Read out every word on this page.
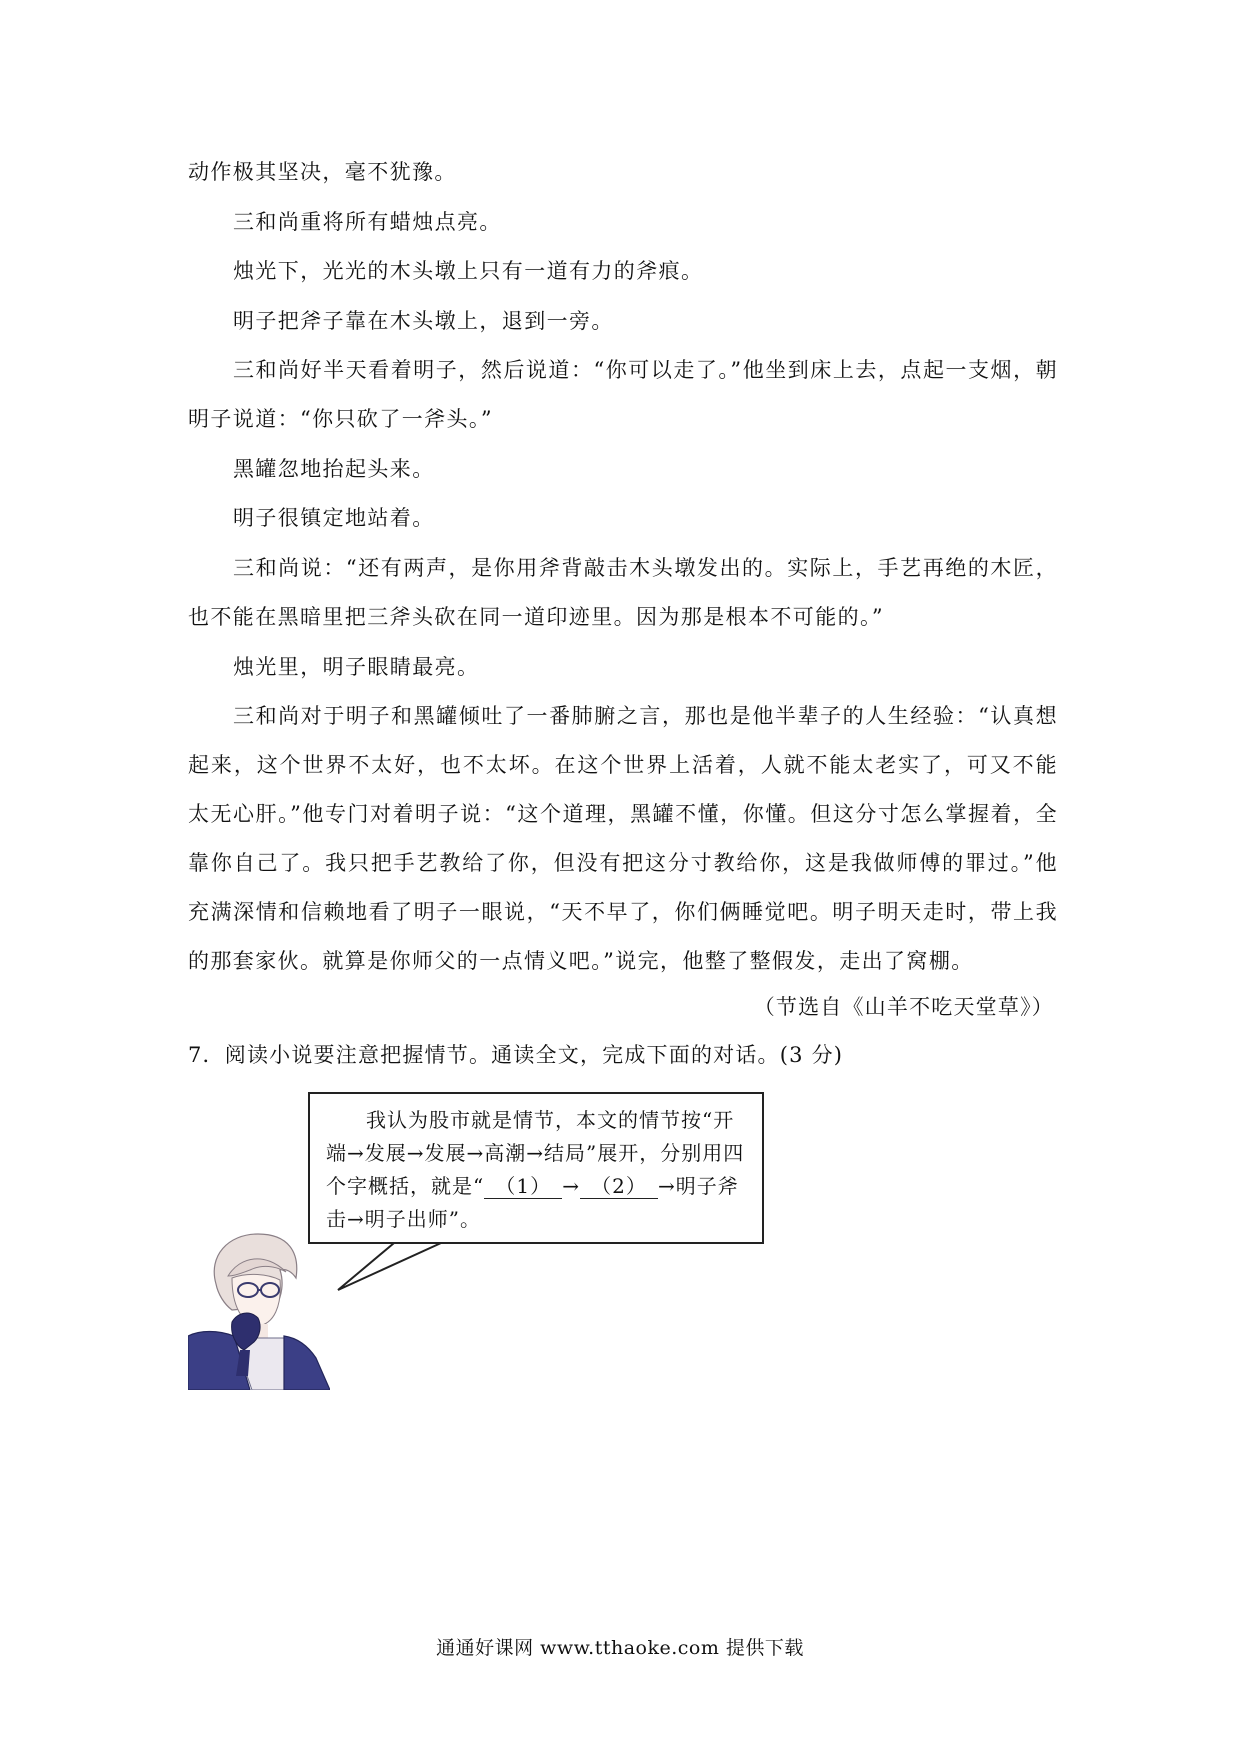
动作极其坚决，毫不犹豫。

三和尚重将所有蜡烛点亮。

烛光下，光光的木头墩上只有一道有力的斧痕。

明子把斧子靠在木头墩上，退到一旁。

三和尚好半天看着明子，然后说道：“你可以走了。”他坐到床上去，点起一支烟，朝明子说道：“你只砍了一斧头。”

黑罐忽地抬起头来。

明子很镇定地站着。

三和尚说：“还有两声，是你用斧背敲击木头墩发出的。实际上，手艺再绝的木匠，也不能在黑暗里把三斧头砍在同一道印迹里。因为那是根本不可能的。”

烛光里，明子眼睛最亮。

三和尚对于明子和黑罐倾吐了一番肺腑之言，那也是他半辈子的人生经验：“认真想起来，这个世界不太好，也不太坏。在这个世界上活着，人就不能太老实了，可又不能太无心肝。”他专门对着明子说：“这个道理，黑罐不懂，你懂。但这分寸怎么掌握着，全靠你自己了。我只把手艺教给了你，但没有把这分寸教给你，这是我做师傅的罪过。”他充满深情和信赖地看了明子一眼说，“天不早了，你们俩睡觉吧。明子明天走时，带上我的那套家伙。就算是你师父的一点情义吧。”说完，他整了整假发，走出了窝棚。

（节选自《山羊不吃天堂草》）
7．阅读小说要注意把握情节。通读全文，完成下面的对话。(3 分)
我认为股市就是情节，本文的情节按“开端→发展→发展→高潮→结局”展开，分别用四个字概括，就是“ （1） → （2） →明子斧击→明子出师”。
通通好课网 www.tthaoke.com 提供下载
